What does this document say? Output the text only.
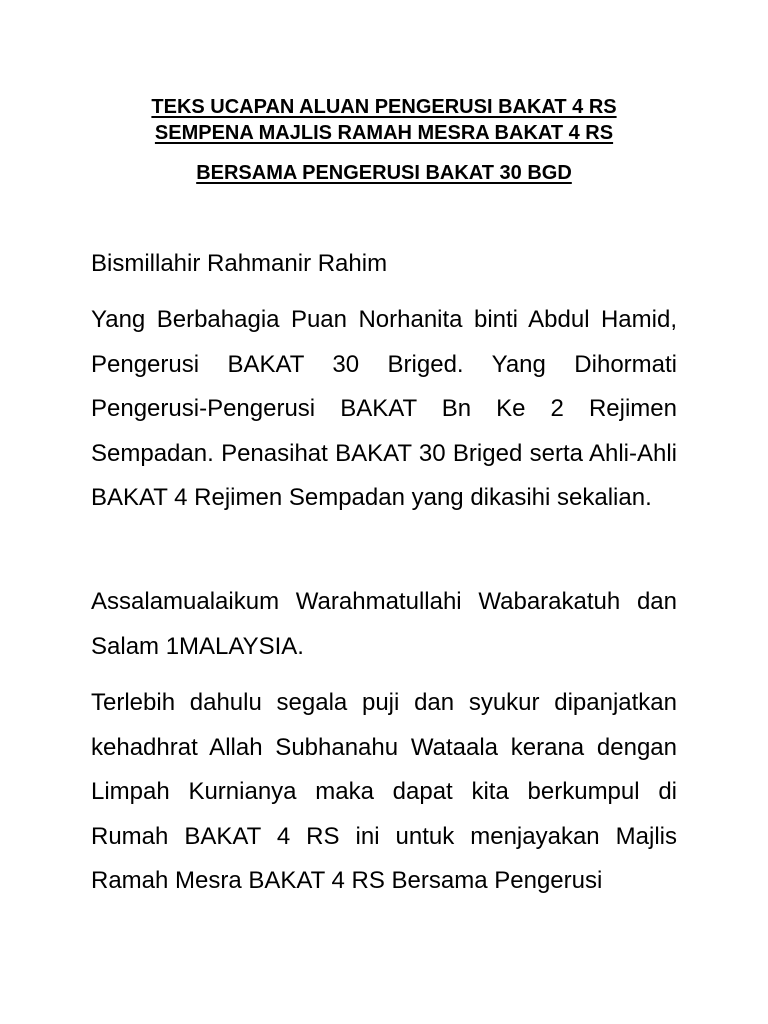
TEKS UCAPAN ALUAN PENGERUSI BAKAT 4 RS
SEMPENA MAJLIS RAMAH MESRA BAKAT 4 RS
BERSAMA PENGERUSI BAKAT 30 BGD

Bismillahir Rahmanir Rahim

Yang Berbahagia Puan Norhanita binti Abdul Hamid, Pengerusi BAKAT 30 Briged. Yang Dihormati Pengerusi-Pengerusi BAKAT Bn Ke 2 Rejimen Sempadan. Penasihat BAKAT 30 Briged serta Ahli-Ahli BAKAT 4 Rejimen Sempadan yang dikasihi sekalian.

Assalamualaikum Warahmatullahi Wabarakatuh dan Salam 1MALAYSIA.

Terlebih dahulu segala puji dan syukur dipanjatkan kehadhrat Allah Subhanahu Wataala kerana dengan Limpah Kurnianya maka dapat kita berkumpul di Rumah BAKAT 4 RS ini untuk menjayakan Majlis Ramah Mesra BAKAT 4 RS Bersama Pengerusi
